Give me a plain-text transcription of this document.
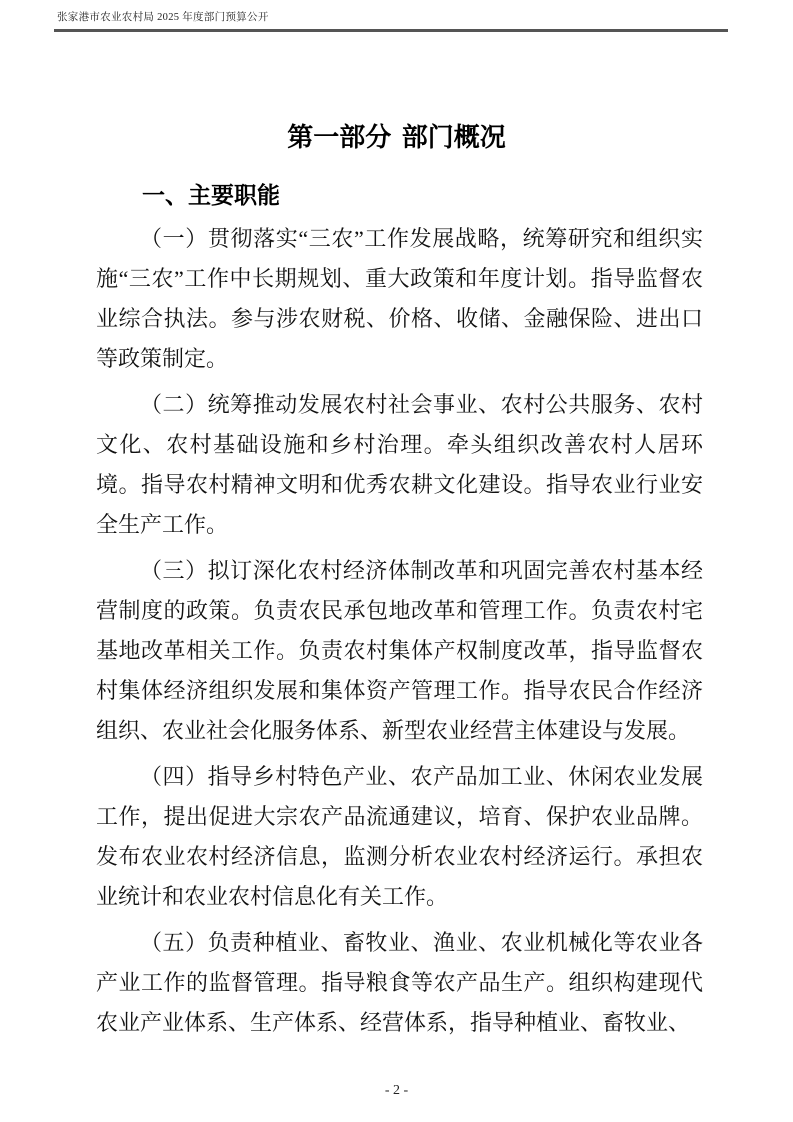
张家港市农业农村局 2025 年度部门预算公开
第一部分 部门概况
一、主要职能

（一）贯彻落实“三农”工作发展战略，统筹研究和组织实施“三农”工作中长期规划、重大政策和年度计划。指导监督农业综合执法。参与涉农财税、价格、收储、金融保险、进出口等政策制定。

（二）统筹推动发展农村社会事业、农村公共服务、农村文化、农村基础设施和乡村治理。牵头组织改善农村人居环境。指导农村精神文明和优秀农耕文化建设。指导农业行业安全生产工作。

（三）拟订深化农村经济体制改革和巩固完善农村基本经营制度的政策。负责农民承包地改革和管理工作。负责农村宅基地改革相关工作。负责农村集体产权制度改革，指导监督农村集体经济组织发展和集体资产管理工作。指导农民合作经济组织、农业社会化服务体系、新型农业经营主体建设与发展。

（四）指导乡村特色产业、农产品加工业、休闲农业发展工作，提出促进大宗农产品流通建议，培育、保护农业品牌。发布农业农村经济信息，监测分析农业农村经济运行。承担农业统计和农业农村信息化有关工作。

（五）负责种植业、畜牧业、渔业、农业机械化等农业各产业工作的监督管理。指导粮食等农产品生产。组织构建现代农业产业体系、生产体系、经营体系，指导种植业、畜牧业、

- 2 -
